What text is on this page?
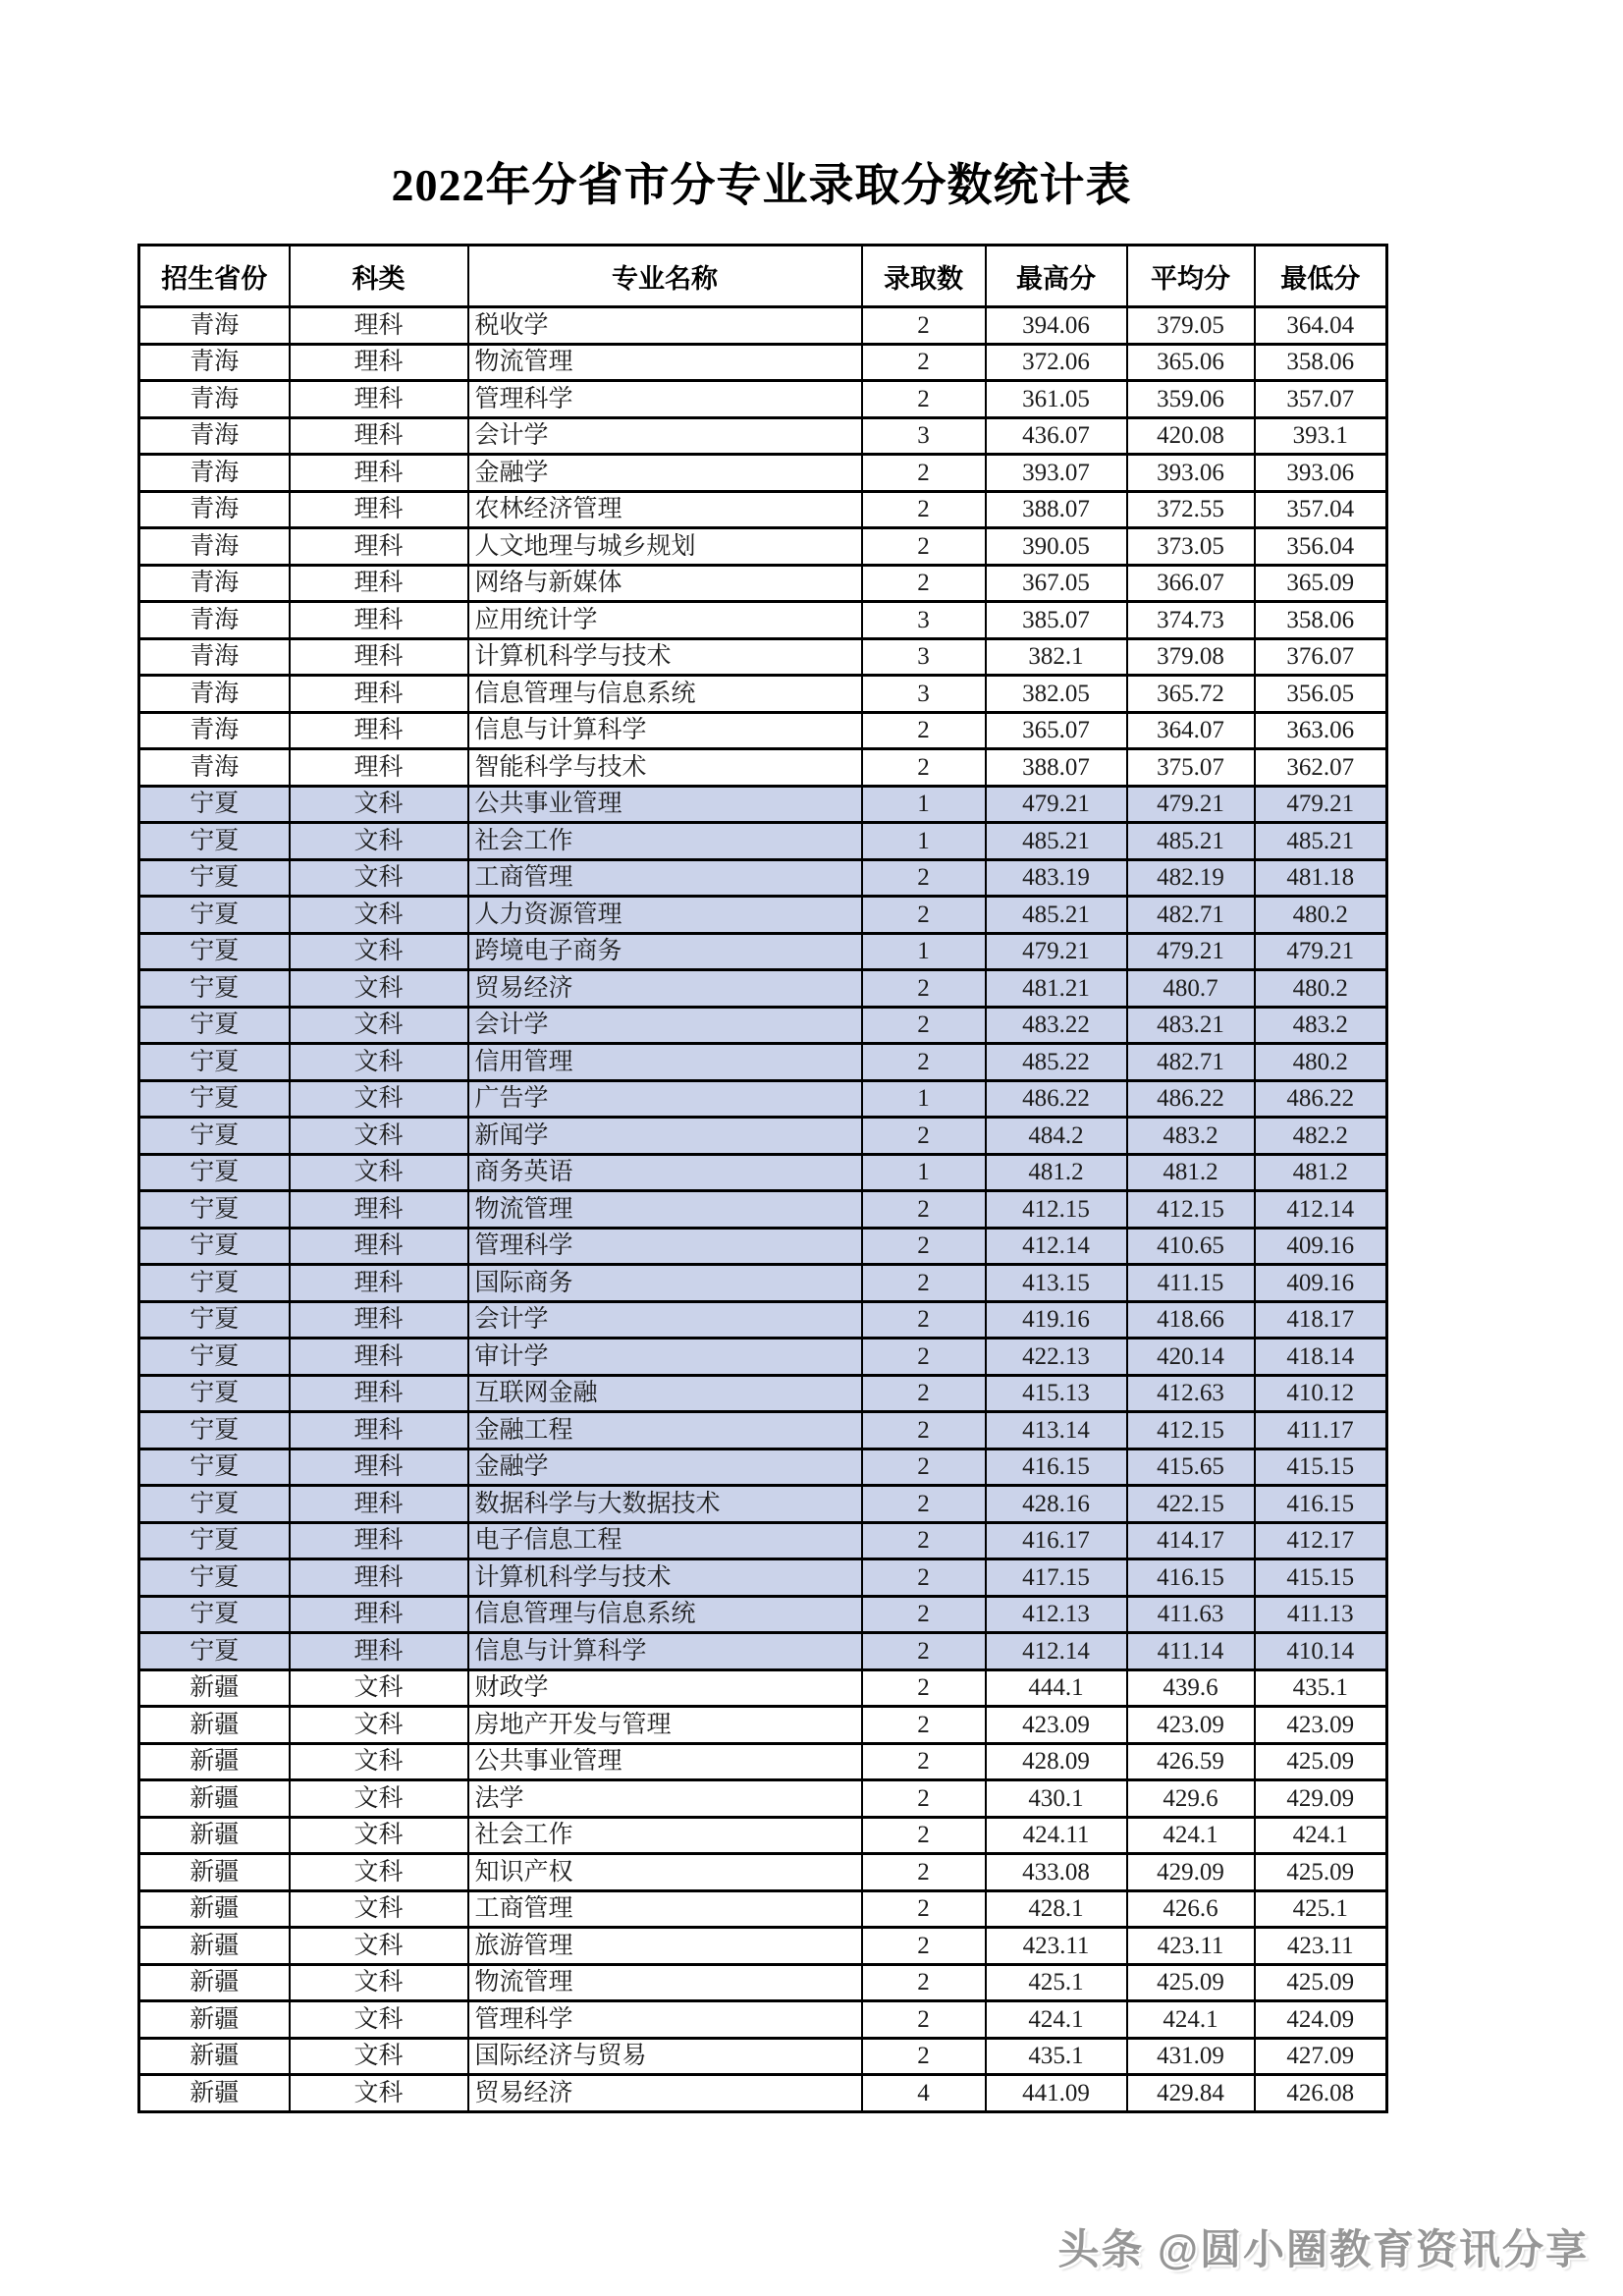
2022年分省市分专业录取分数统计表
招生省份	科类	专业名称	录取数	最高分	平均分	最低分
青海	理科	税收学	2	394.06	379.05	364.04
青海	理科	物流管理	2	372.06	365.06	358.06
青海	理科	管理科学	2	361.05	359.06	357.07
青海	理科	会计学	3	436.07	420.08	393.1
青海	理科	金融学	2	393.07	393.06	393.06
青海	理科	农林经济管理	2	388.07	372.55	357.04
青海	理科	人文地理与城乡规划	2	390.05	373.05	356.04
青海	理科	网络与新媒体	2	367.05	366.07	365.09
青海	理科	应用统计学	3	385.07	374.73	358.06
青海	理科	计算机科学与技术	3	382.1	379.08	376.07
青海	理科	信息管理与信息系统	3	382.05	365.72	356.05
青海	理科	信息与计算科学	2	365.07	364.07	363.06
青海	理科	智能科学与技术	2	388.07	375.07	362.07
宁夏	文科	公共事业管理	1	479.21	479.21	479.21
宁夏	文科	社会工作	1	485.21	485.21	485.21
宁夏	文科	工商管理	2	483.19	482.19	481.18
宁夏	文科	人力资源管理	2	485.21	482.71	480.2
宁夏	文科	跨境电子商务	1	479.21	479.21	479.21
宁夏	文科	贸易经济	2	481.21	480.7	480.2
宁夏	文科	会计学	2	483.22	483.21	483.2
宁夏	文科	信用管理	2	485.22	482.71	480.2
宁夏	文科	广告学	1	486.22	486.22	486.22
宁夏	文科	新闻学	2	484.2	483.2	482.2
宁夏	文科	商务英语	1	481.2	481.2	481.2
宁夏	理科	物流管理	2	412.15	412.15	412.14
宁夏	理科	管理科学	2	412.14	410.65	409.16
宁夏	理科	国际商务	2	413.15	411.15	409.16
宁夏	理科	会计学	2	419.16	418.66	418.17
宁夏	理科	审计学	2	422.13	420.14	418.14
宁夏	理科	互联网金融	2	415.13	412.63	410.12
宁夏	理科	金融工程	2	413.14	412.15	411.17
宁夏	理科	金融学	2	416.15	415.65	415.15
宁夏	理科	数据科学与大数据技术	2	428.16	422.15	416.15
宁夏	理科	电子信息工程	2	416.17	414.17	412.17
宁夏	理科	计算机科学与技术	2	417.15	416.15	415.15
宁夏	理科	信息管理与信息系统	2	412.13	411.63	411.13
宁夏	理科	信息与计算科学	2	412.14	411.14	410.14
新疆	文科	财政学	2	444.1	439.6	435.1
新疆	文科	房地产开发与管理	2	423.09	423.09	423.09
新疆	文科	公共事业管理	2	428.09	426.59	425.09
新疆	文科	法学	2	430.1	429.6	429.09
新疆	文科	社会工作	2	424.11	424.1	424.1
新疆	文科	知识产权	2	433.08	429.09	425.09
新疆	文科	工商管理	2	428.1	426.6	425.1
新疆	文科	旅游管理	2	423.11	423.11	423.11
新疆	文科	物流管理	2	425.1	425.09	425.09
新疆	文科	管理科学	2	424.1	424.1	424.09
新疆	文科	国际经济与贸易	2	435.1	431.09	427.09
新疆	文科	贸易经济	4	441.09	429.84	426.08
头条 @圆小圈教育资讯分享
